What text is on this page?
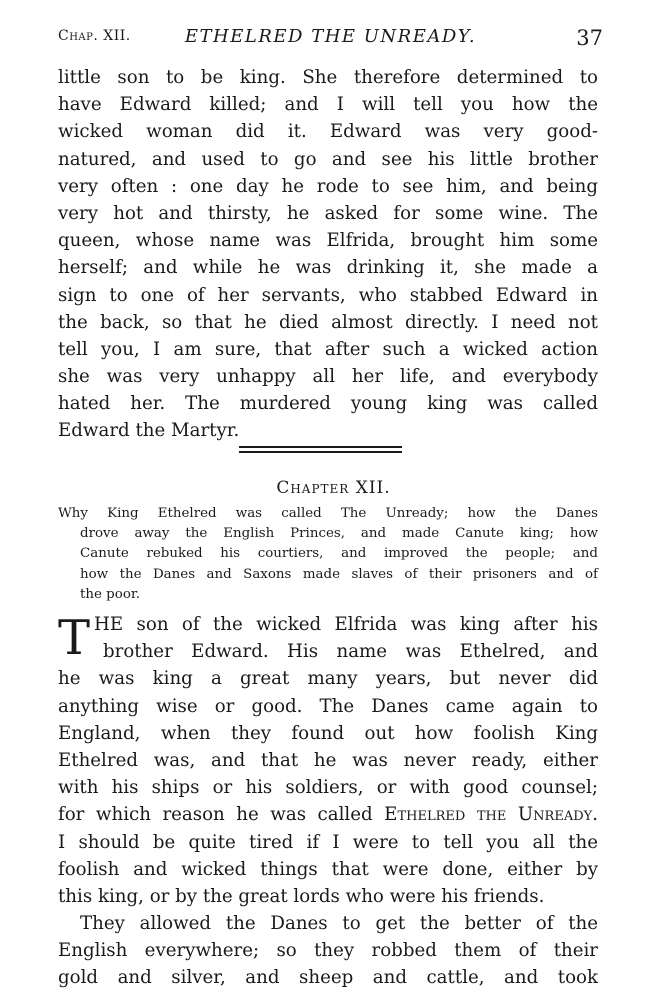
Chap. XII.	ETHELRED THE UNREADY.	37
little son to be king. She therefore determined to
have Edward killed; and I will tell you how the
wicked woman did it. Edward was very good-
natured, and used to go and see his little brother
very often : one day he rode to see him, and being
very hot and thirsty, he asked for some wine. The
queen, whose name was Elfrida, brought him some
herself; and while he was drinking it, she made a
sign to one of her servants, who stabbed Edward in
the back, so that he died almost directly. I need not
tell you, I am sure, that after such a wicked action
she was very unhappy all her life, and everybody
hated her. The murdered young king was called
Edward the Martyr.
Chapter XII.
Why King Ethelred was called The Unready; how the Danes
drove away the English Princes, and made Canute king; how
Canute rebuked his courtiers, and improved the people; and
how the Danes and Saxons made slaves of their prisoners and of
the poor.
T HE son of the wicked Elfrida was king after his
brother Edward. His name was Ethelred, and
he was king a great many years, but never did
anything wise or good. The Danes came again to
England, when they found out how foolish King
Ethelred was, and that he was never ready, either
with his ships or his soldiers, or with good counsel;
for which reason he was called Ethelred the Unready.
I should be quite tired if I were to tell you all the
foolish and wicked things that were done, either by
this king, or by the great lords who were his friends.
They allowed the Danes to get the better of the
English everywhere; so they robbed them of their
gold and silver, and sheep and cattle, and took
